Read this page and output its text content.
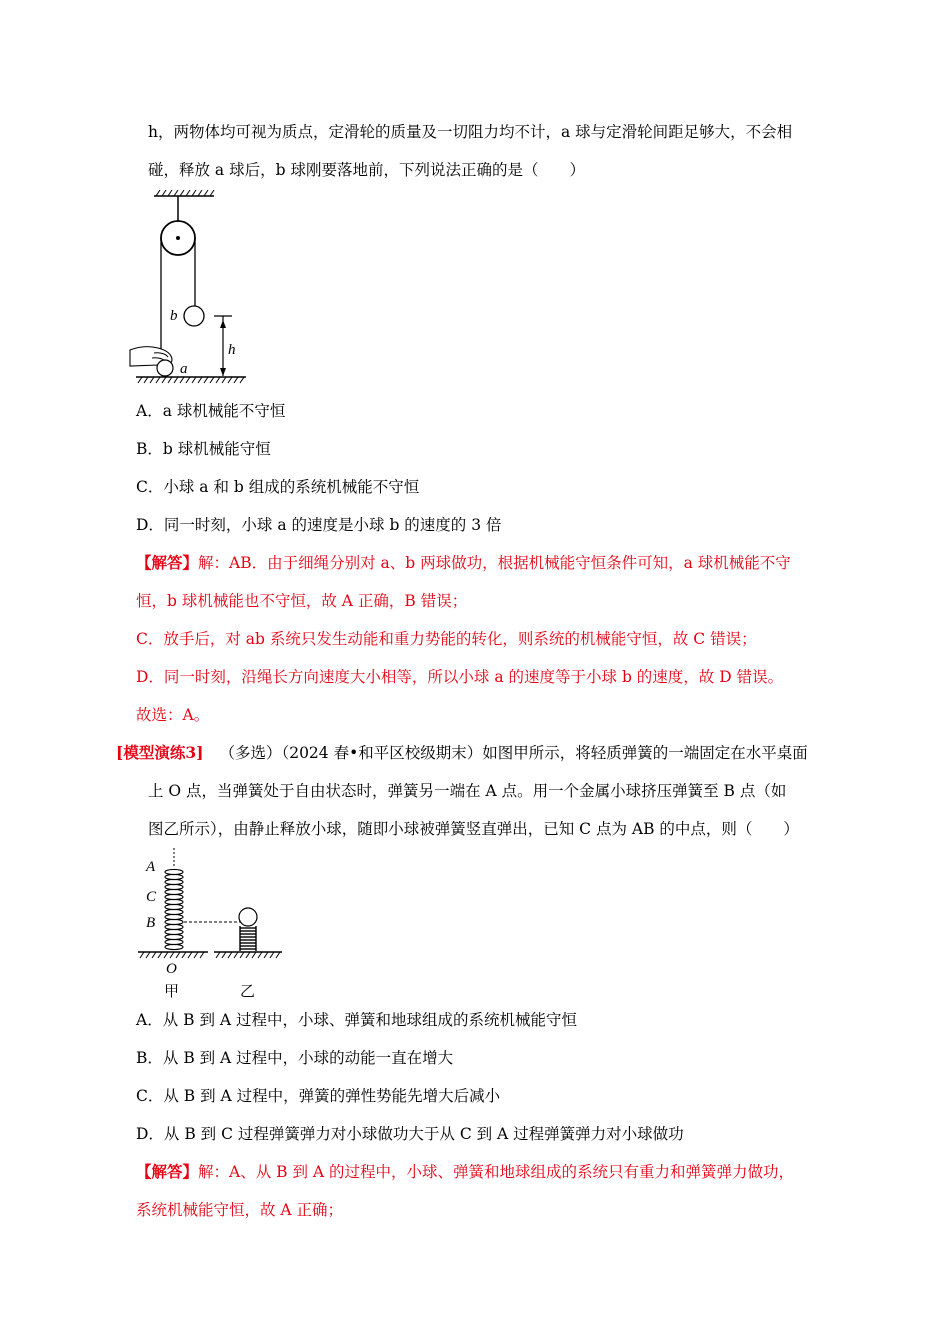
h，两物体均可视为质点，定滑轮的质量及一切阻力均不计，a 球与定滑轮间距足够大，不会相
碰，释放 a 球后，b 球刚要落地前，下列说法正确的是（　　）
b
h
a
A．a 球机械能不守恒
B．b 球机械能守恒
C．小球 a 和 b 组成的系统机械能不守恒
D．同一时刻，小球 a 的速度是小球 b 的速度的 3 倍
【解答】解：AB．由于细绳分别对 a、b 两球做功，根据机械能守恒条件可知，a 球机械能不守
恒，b 球机械能也不守恒，故 A 正确，B 错误；
C．放手后，对 ab 系统只发生动能和重力势能的转化，则系统的机械能守恒，故 C 错误；
D．同一时刻，沿绳长方向速度大小相等，所以小球 a 的速度等于小球 b 的速度，故 D 错误。
故选：A。
[模型演练3] （多选）（2024 春•和平区校级期末）如图甲所示，将轻质弹簧的一端固定在水平桌面
上 O 点，当弹簧处于自由状态时，弹簧另一端在 A 点。用一个金属小球挤压弹簧至 B 点（如
图乙所示），由静止释放小球，随即小球被弹簧竖直弹出，已知 C 点为 AB 的中点，则（　　）
A
C
B
O
甲	乙
A．从 B 到 A 过程中，小球、弹簧和地球组成的系统机械能守恒
B．从 B 到 A 过程中，小球的动能一直在增大
C．从 B 到 A 过程中，弹簧的弹性势能先增大后减小
D．从 B 到 C 过程弹簧弹力对小球做功大于从 C 到 A 过程弹簧弹力对小球做功
【解答】解：A、从 B 到 A 的过程中，小球、弹簧和地球组成的系统只有重力和弹簧弹力做功，
系统机械能守恒，故 A 正确；
